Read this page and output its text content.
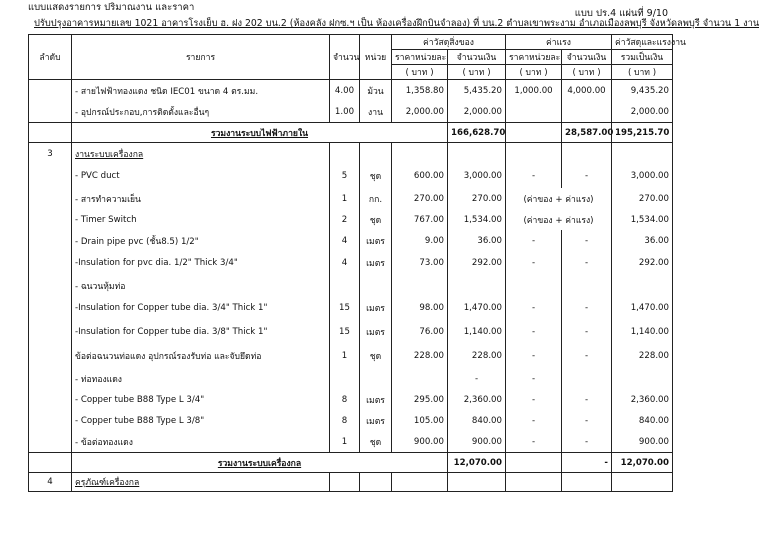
แบบแสดงรายการ ปริมาณงาน และราคา
แบบ ปร.4 แผ่นที่ 9/10
ปรับปรุงอาคารหมายเลข 1021 อาคารโรงเย็บ ฮ. ฝง 202 บน.2 (ห้องคลัง ฝกซ.ฯ เป็น ห้องเครื่องฝึกบินจำลอง) ที่ บน.2 ตำบลเขาพระงาม อำเภอเมืองลพบุรี จังหวัดลพบุรี จำนวน 1 งาน
ลำดับ	รายการ	จำนวน	หน่วย	ค่าวัสดุสิ่งของ		ค่าแรง		ค่าวัสดุและแรงงาน
				ราคาหน่วยละ	จำนวนเงิน	ราคาหน่วยละ	จำนวนเงิน	รวมเป็นเงิน
				( บาท )	( บาท )	( บาท )	( บาท )	( บาท )
	- สายไฟฟ้าทองแดง ชนิด IEC01 ขนาด 4 ตร.มม.	4.00	ม้วน	1,358.80	5,435.20	1,000.00	4,000.00	9,435.20
	- อุปกรณ์ประกอบ,การติดตั้งและอื่นๆ	1.00	งาน	2,000.00	2,000.00			2,000.00
	รวมงานระบบไฟฟ้าภายใน				166,628.70		28,587.00	195,215.70
3	งานระบบเครื่องกล							
	- PVC duct	5	ชุด	600.00	3,000.00	-	-	3,000.00
	- สารทำความเย็น	1	กก.	270.00	270.00	(ค่าของ + ค่าแรง)		270.00
	- Timer Switch	2	ชุด	767.00	1,534.00	(ค่าของ + ค่าแรง)		1,534.00
	- Drain pipe pvc (ชั้น8.5) 1/2"	4	เมตร	9.00	36.00	-	-	36.00
	-Insulation for pvc dia. 1/2" Thick 3/4"	4	เมตร	73.00	292.00	-	-	292.00
	- ฉนวนหุ้มท่อ							
	-Insulation for Copper tube dia. 3/4" Thick 1"	15	เมตร	98.00	1,470.00	-	-	1,470.00
	-Insulation for Copper tube dia. 3/8" Thick 1"	15	เมตร	76.00	1,140.00	-	-	1,140.00
	ข้อต่อฉนวนท่อแดง อุปกรณ์รองรับท่อ และจับยึดท่อ	1	ชุด	228.00	228.00	-	-	228.00
	- ท่อทองแดง				-	-		
	- Copper tube B88 Type L 3/4"	8	เมตร	295.00	2,360.00	-	-	2,360.00
	- Copper tube B88 Type L 3/8"	8	เมตร	105.00	840.00	-	-	840.00
	- ข้อต่อทองแดง	1	ชุด	900.00	900.00	-	-	900.00
	รวมงานระบบเครื่องกล				12,070.00		-	12,070.00
4	ครุภัณฑ์เครื่องกล							
